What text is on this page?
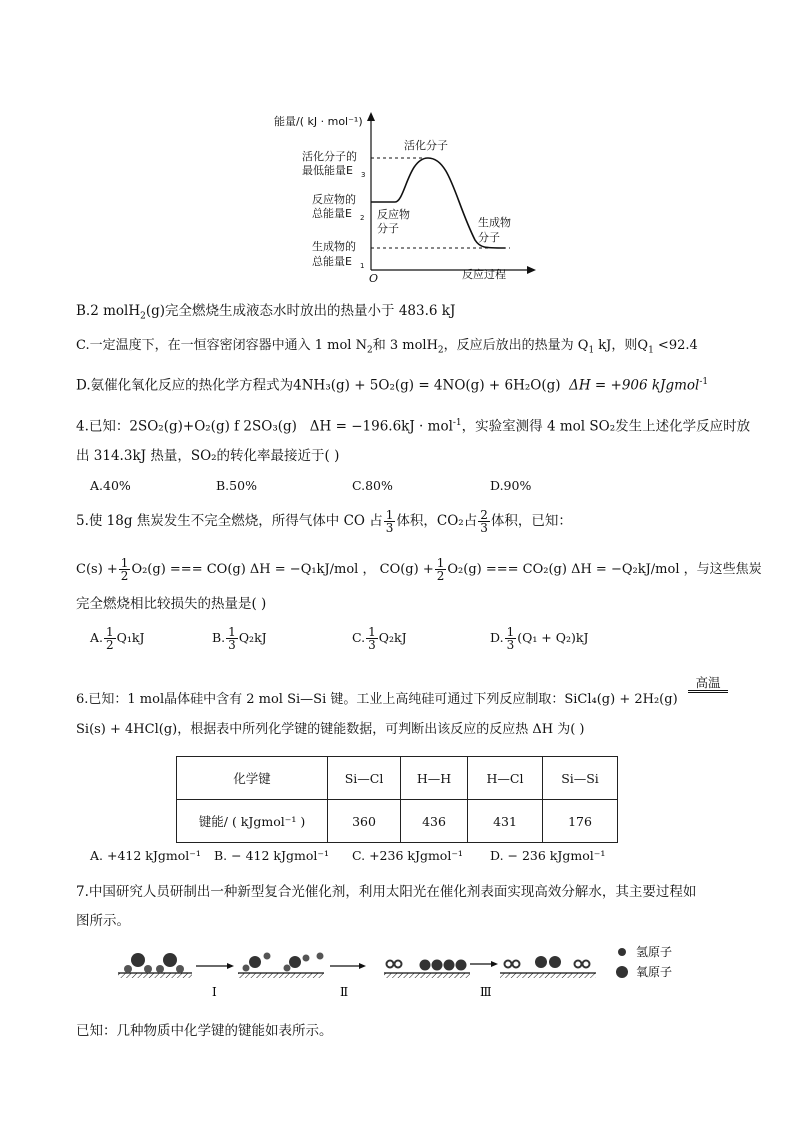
能量/( kJ · mol⁻¹)
活化分子的
最低能量E 3
反应物的
总能量E 2
生成物的
总能量E 1
O
活化分子
反应物
分子	生成物
分子
反应过程
B.2 molH$_2$(g)完全燃烧生成液态水时放出的热量小于 483.6 kJ
C.一定温度下，在一恒容密闭容器中通入 1 mol $N_2$和 3 molH$_2$，反应后放出的热量为 $Q_1$ kJ，则$Q_1 <92.4$
D.氨催化氧化反应的热化学方程式为4NH₃(g) + 5O₂(g) = 4NO(g) + 6H₂O(g) ΔH = +906 kJgmol$^{-1}$
4.已知：2SO₂(g)+O₂(g) f 2SO₃(g) ΔH = −196.6kJ · mol$^{-1}$，实验室测得 4 mol SO₂发生上述化学反应时放
出 314.3kJ 热量，SO₂的转化率最接近于( )
A.40%	B.50%	C.80%	D.90%
5.使 18g 焦炭发生不完全燃烧，所得气体中 CO 占 $\frac{1}{3}$ 体积，CO₂占 $\frac{2}{3}$ 体积，已知：
$C(s) + \frac{1}{2} O_2(g)$ === CO(g) ΔH = −Q₁kJ/mol ， $CO(g) + \frac{1}{2} O_2(g)$ === CO₂(g) ΔH = −Q₂kJ/mol ，与这些焦炭
完全燃烧相比较损失的热量是( )
A. $\frac{1}{2} Q_1kJ$	B. $\frac{1}{3} Q_2kJ$	C. $\frac{1}{3} Q_2kJ$	D. $\frac{1}{3} (Q_1 + Q_2)kJ$
6.已知：1 mol晶体硅中含有 2 mol Si—Si 键。工业上高纯硅可通过下列反应制取：SiCl₄(g) + 2H₂(g)
高温
Si(s) + 4HCl(g)，根据表中所列化学键的键能数据，可判断出该反应的反应热 ΔH 为( )
化学键	Si—Cl	H—H	H—Cl	Si—Si
键能/ ( kJgmol⁻¹ )	360	436	431	176
A. +412 kJgmol⁻¹ B. − 412 kJgmol⁻¹ C. +236 kJgmol⁻¹ D. − 236 kJgmol⁻¹
7.中国研究人员研制出一种新型复合光催化剂，利用太阳光在催化剂表面实现高效分解水，其主要过程如
图所示。
Ⅰ	Ⅱ	Ⅲ
氢原子
氧原子
已知：几种物质中化学键的键能如表所示。
